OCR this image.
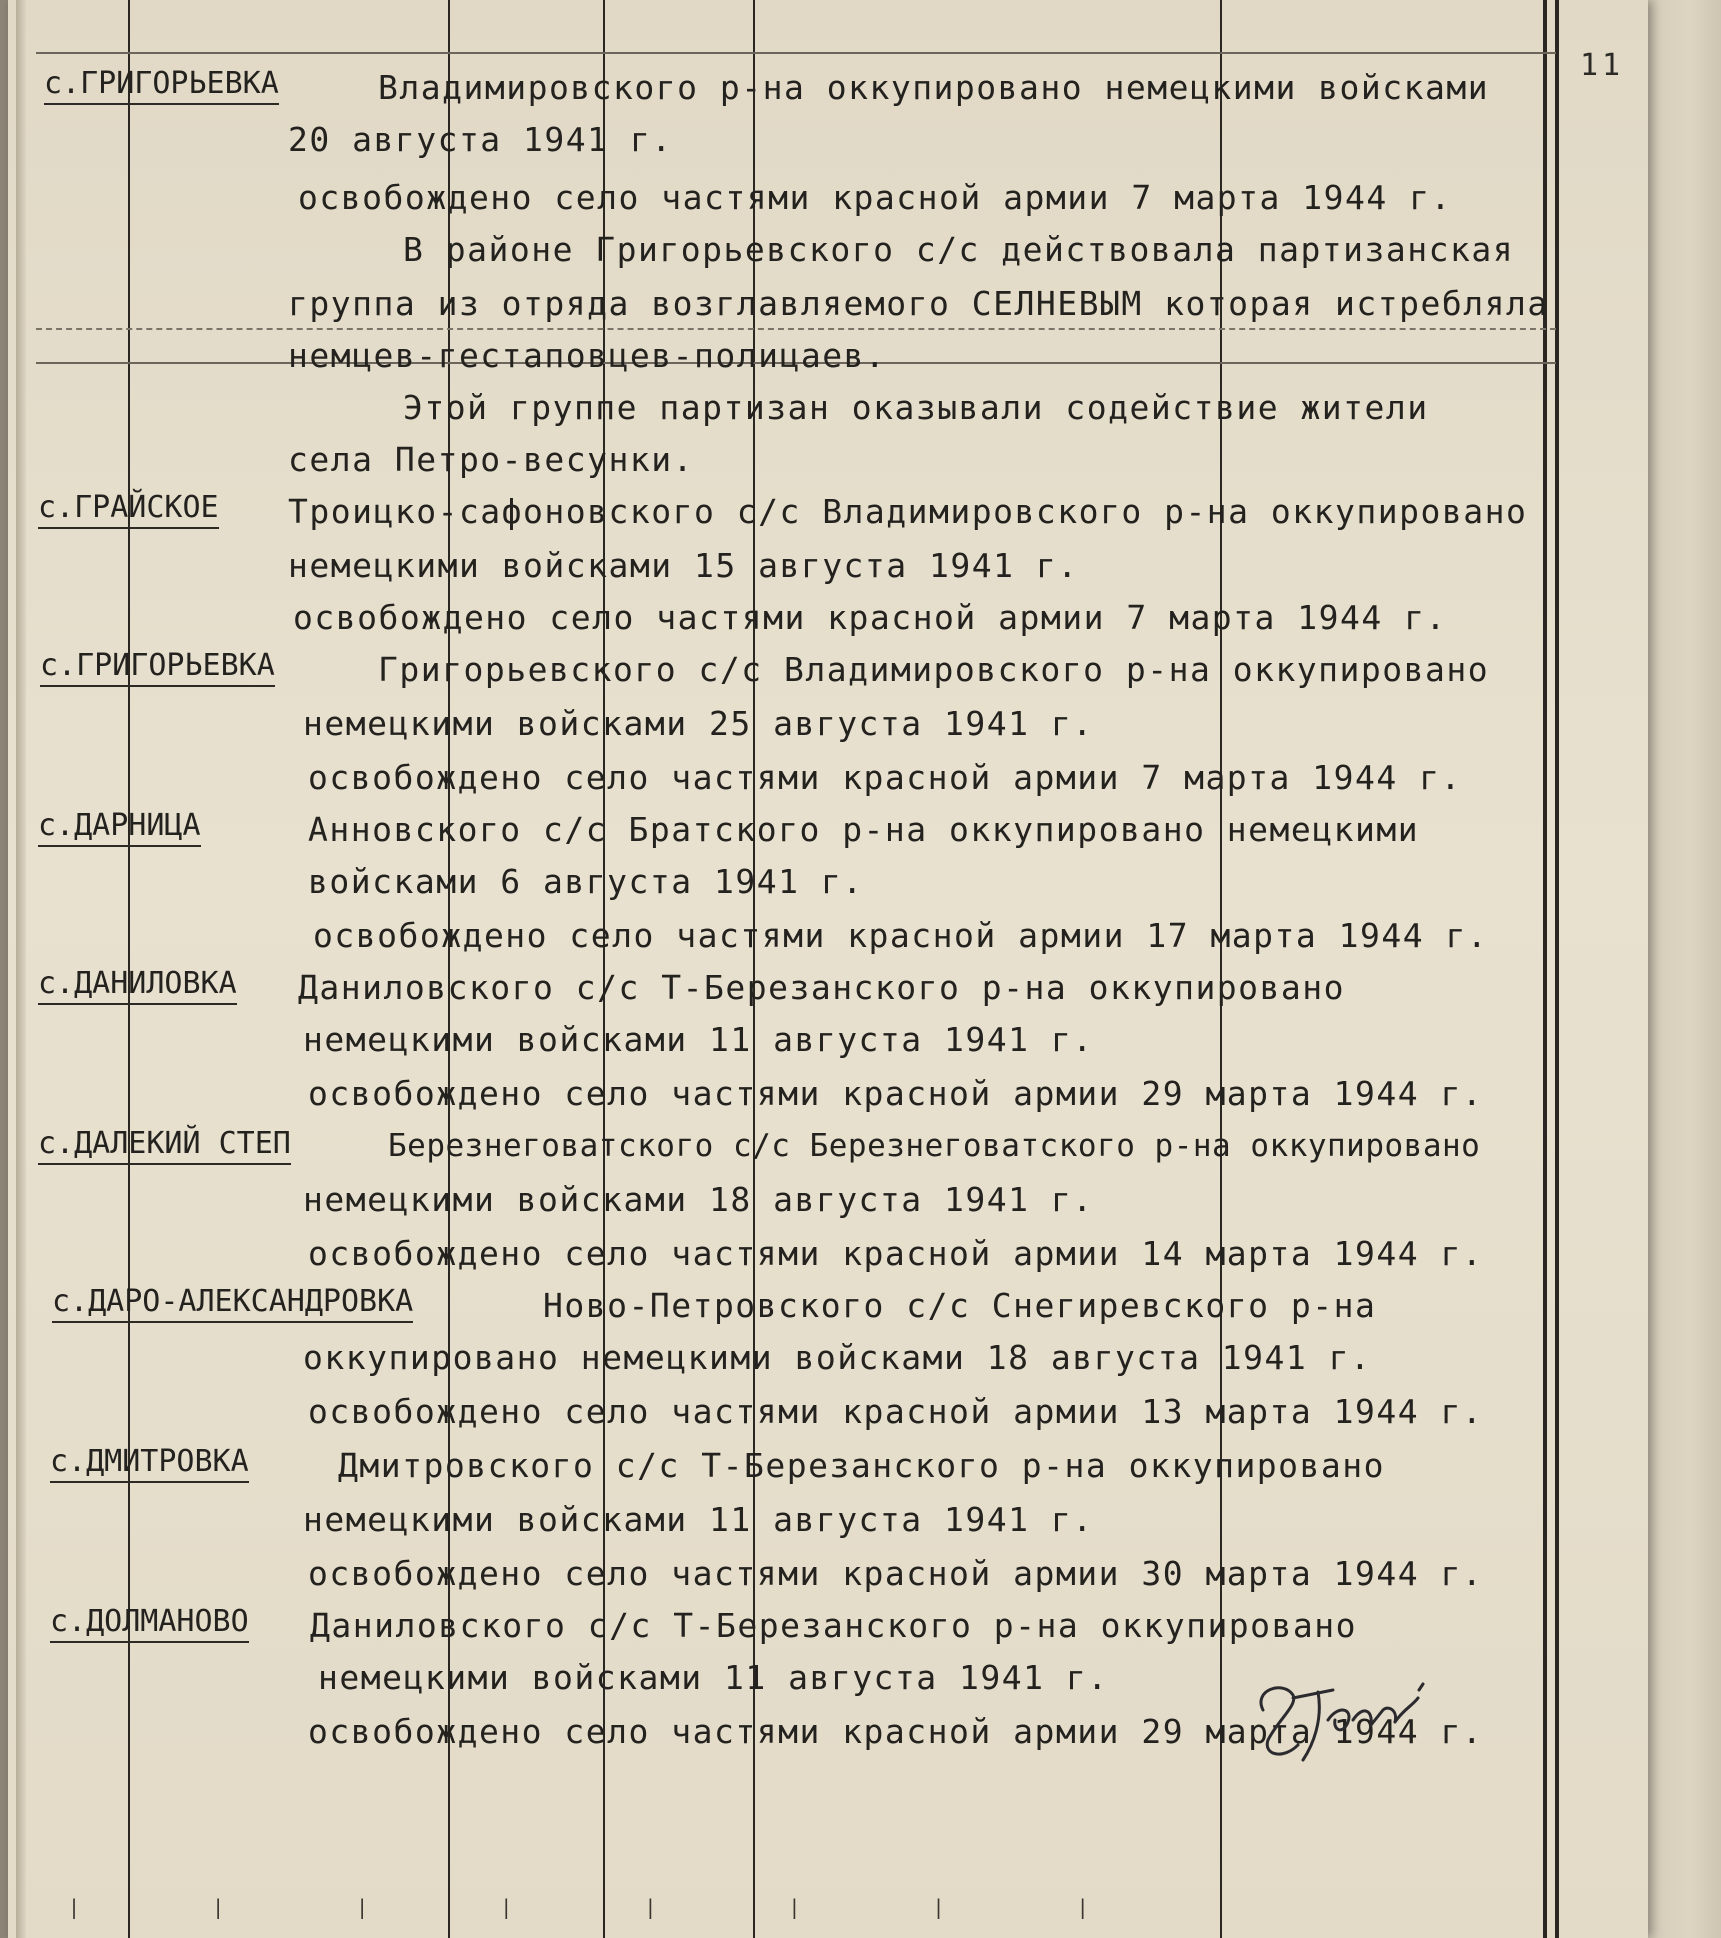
11
с.ГРИГОРЬЕВКА	Владимировского р-на оккупировано немецкими войсками
20 августа 1941 г.
освобождено село частями красной армии 7 марта 1944 г.
В районе Григорьевского с/с действовала партизанская
группа из отряда возглавляемого СЕЛНЕВЫМ которая истребляла
немцев-гестаповцев-полицаев.
Этой группе партизан оказывали содействие жители
села Петро-весунки.
с.ГРАЙСКОЕ Троицко-сафоновского с/с Владимировского р-на оккупировано
немецкими войсками 15 августа 1941 г.
освобождено село частями красной армии 7 марта 1944 г.
с.ГРИГОРЬЕВКА	Григорьевского с/с Владимировского р-на оккупировано
немецкими войсками 25 августа 1941 г.
освобождено село частями красной армии 7 марта 1944 г.
с.ДАРНИЦА	Анновского с/с Братского р-на оккупировано немецкими
войсками 6 августа 1941 г.
освобождено село частями красной армии 17 марта 1944 г.
с.ДАНИЛОВКА Даниловского с/с Т-Березанского р-на оккупировано
немецкими войсками 11 августа 1941 г.
освобождено село частями красной армии 29 марта 1944 г.
с.ДАЛЕКИЙ СТЕП	Березнеговатского с/с Березнеговатского р-на оккупировано
немецкими войсками 18 августа 1941 г.
освобождено село частями красной армии 14 марта 1944 г.
с.ДАРО-АЛЕКСАНДРОВКА	Ново-Петровского с/с Снегиревского р-на
оккупировано немецкими войсками 18 августа 1941 г.
освобождено село частями красной армии 13 марта 1944 г.
с.ДМИТРОВКА	Дмитровского с/с Т-Березанского р-на оккупировано
немецкими войсками 11 августа 1941 г.
освобождено село частями красной армии 30 марта 1944 г.
с.ДОЛМАНОВО Даниловского с/с Т-Березанского р-на оккупировано
немецкими войсками 11 августа 1941 г.
освобождено село частями красной армии 29 марта 1944 г.
| | | | | | | |
